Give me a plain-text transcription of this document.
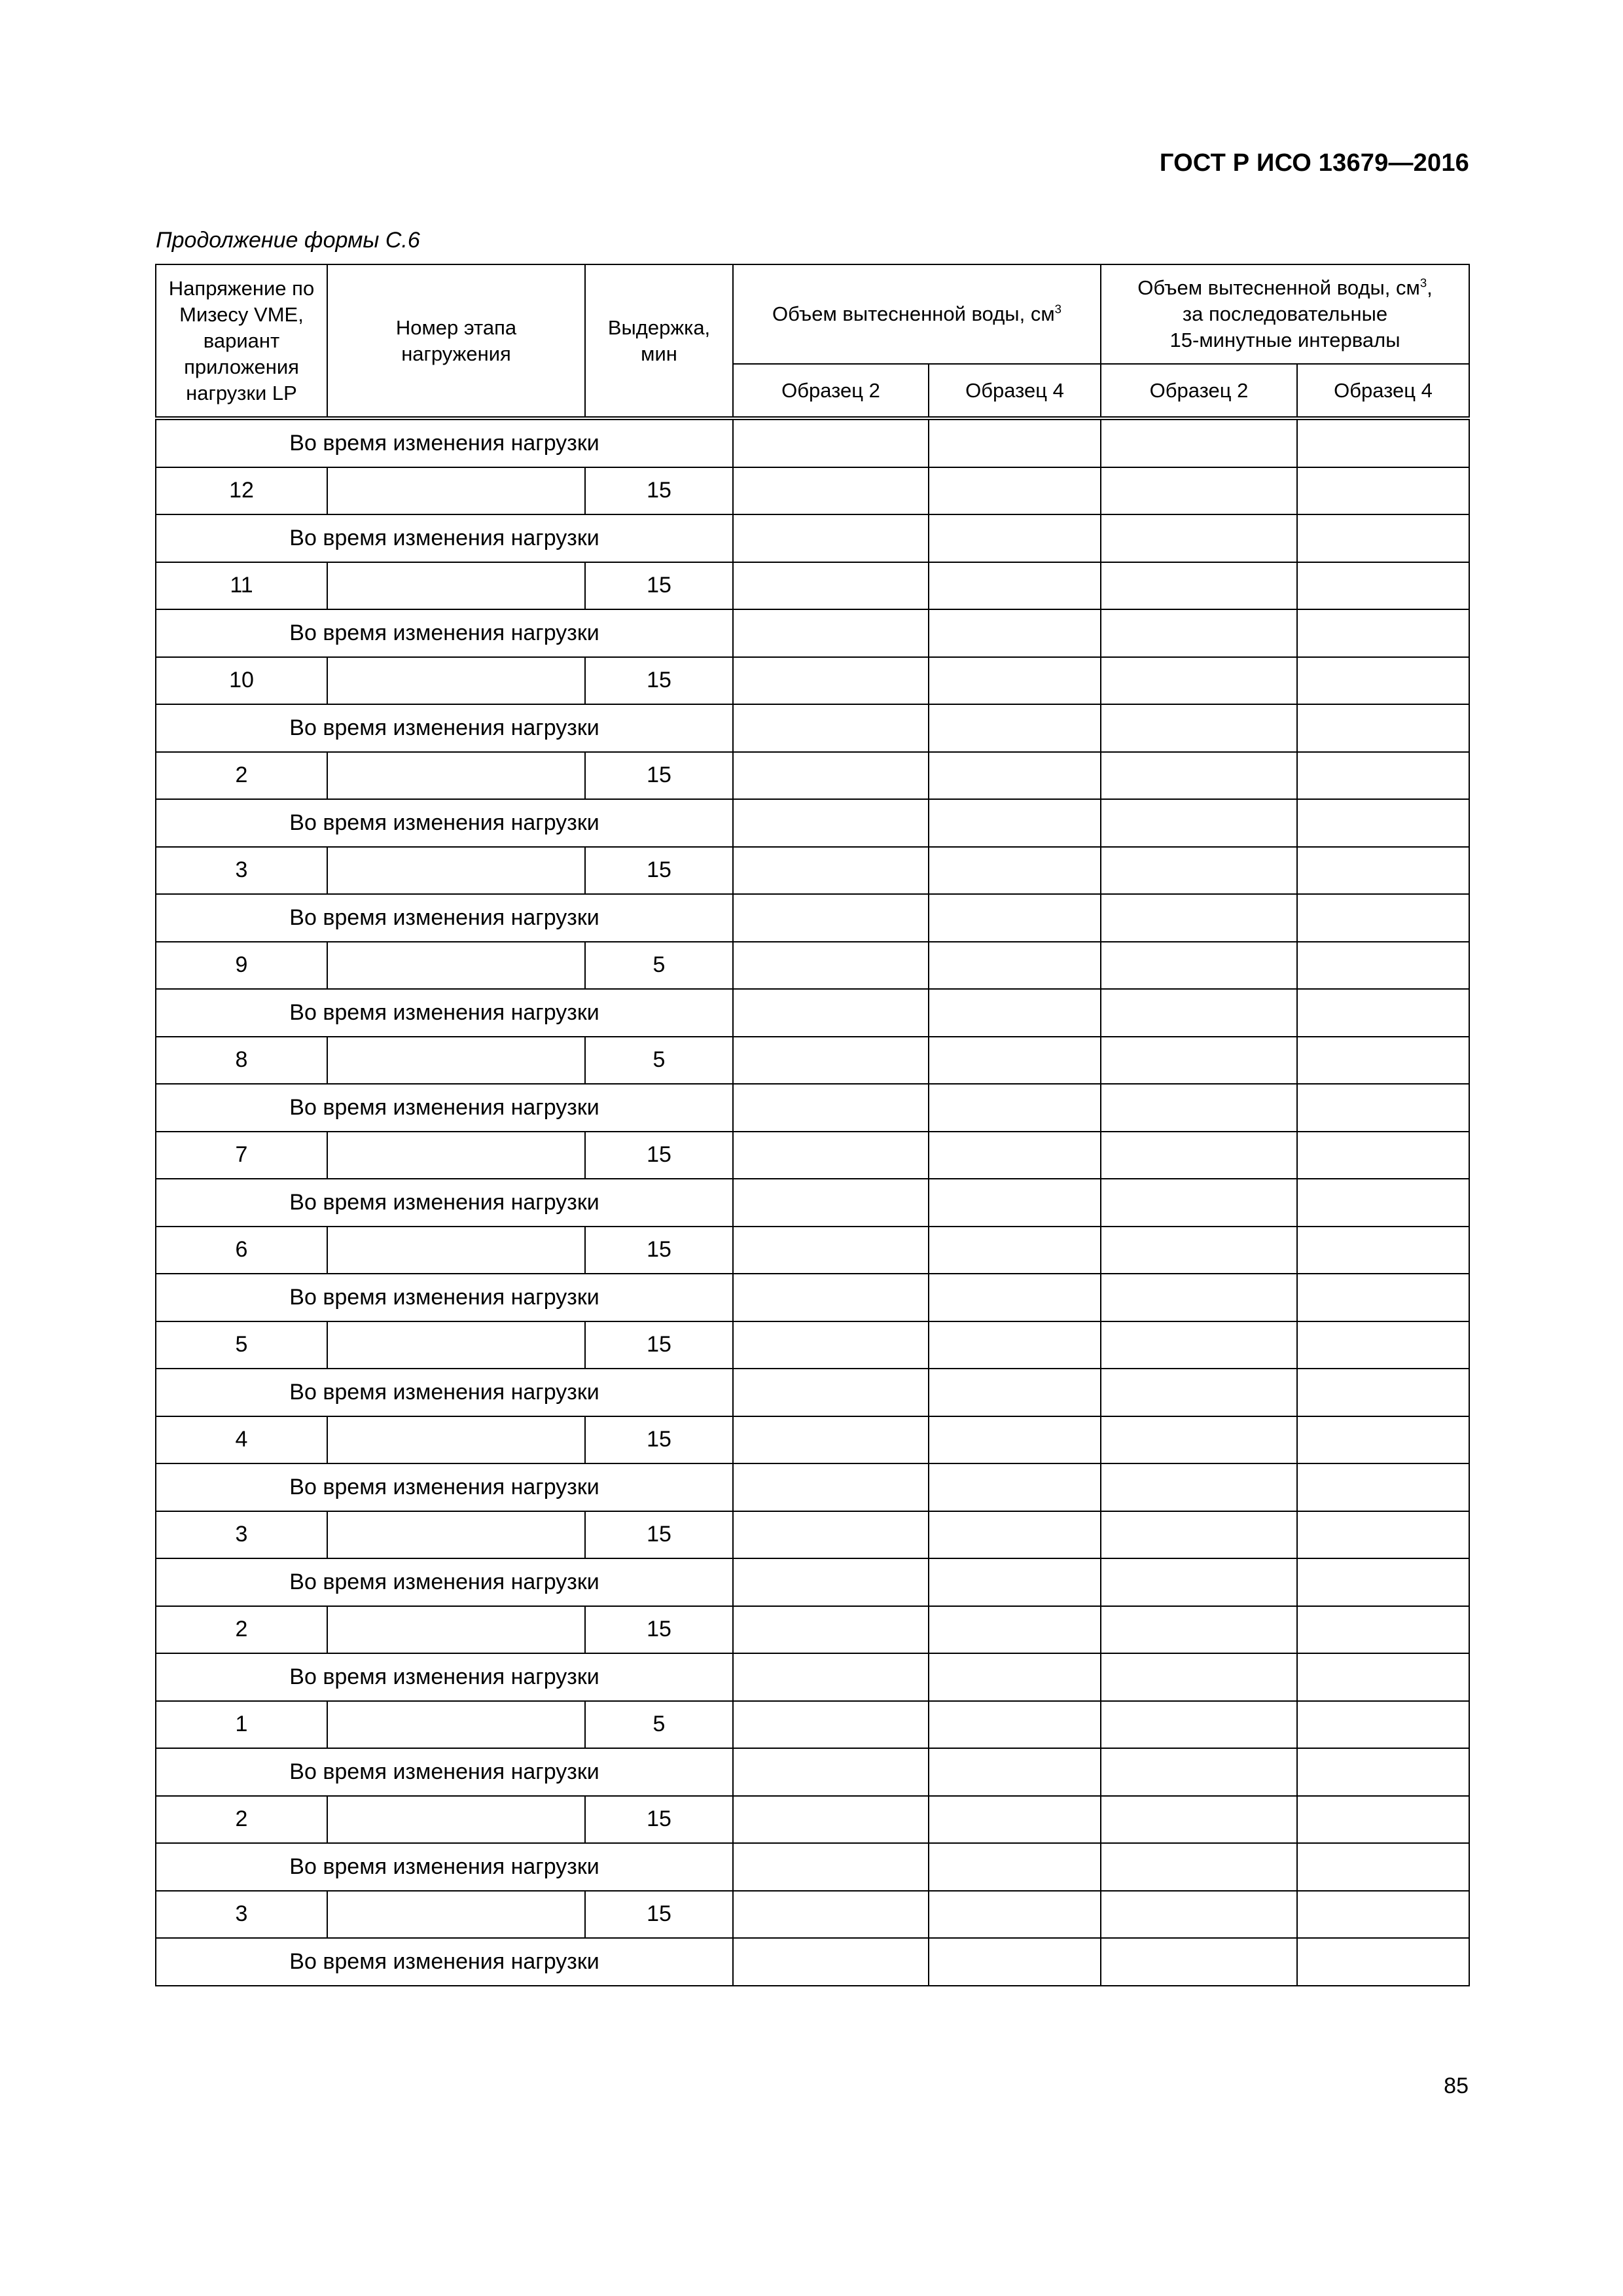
ГОСТ Р ИСО 13679—2016
Продолжение формы С.6
Напряжение по Мизесу VME, вариант приложения нагрузки LP	Номер этапа нагружения	Выдержка, мин	Объем вытесненной воды, $см^3$		Объем вытесненной воды, $см^3$,
за последовательные
15-минутные интервалы	
			Образец 2	Образец 4	Образец 2	Образец 4

Во время изменения нагрузки						
12		15				
Во время изменения нагрузки						
11		15				
Во время изменения нагрузки						
10		15				
Во время изменения нагрузки						
2		15				
Во время изменения нагрузки						
3		15				
Во время изменения нагрузки						
9		5				
Во время изменения нагрузки						
8		5				
Во время изменения нагрузки						
7		15				
Во время изменения нагрузки						
6		15				
Во время изменения нагрузки						
5		15				
Во время изменения нагрузки						
4		15				
Во время изменения нагрузки						
3		15				
Во время изменения нагрузки						
2		15				
Во время изменения нагрузки						
1		5				
Во время изменения нагрузки						
2		15				
Во время изменения нагрузки						
3		15				
Во время изменения нагрузки						
85
